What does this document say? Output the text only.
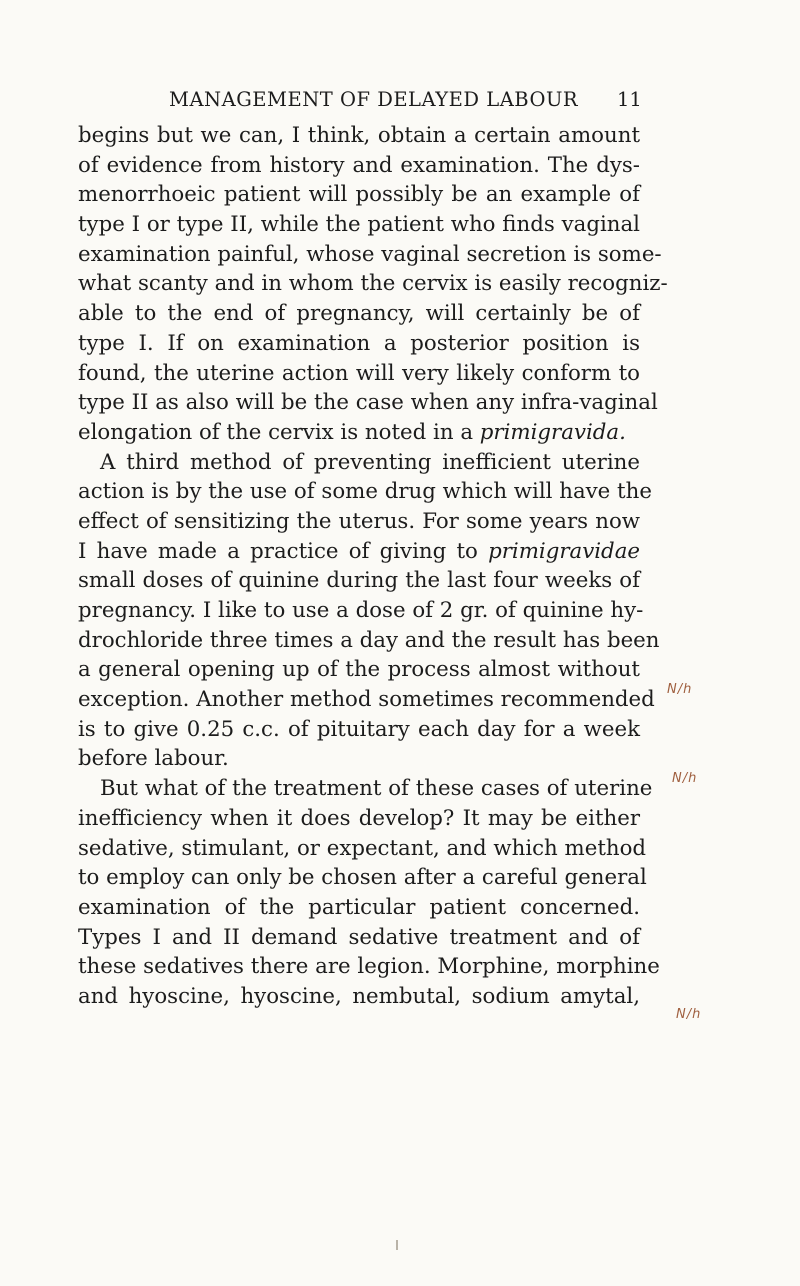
MANAGEMENT OF DELAYED LABOUR 11
begins but we can, I think, obtain a certain amount
of evidence from history and examination. The dys-
menorrhoeic patient will possibly be an example of
type I or type II, while the patient who finds vaginal
examination painful, whose vaginal secretion is some-
what scanty and in whom the cervix is easily recogniz-
able to the end of pregnancy, will certainly be of
type I. If on examination a posterior position is
found, the uterine action will very likely conform to
type II as also will be the case when any infra-vaginal
elongation of the cervix is noted in a primigravida.
A third method of preventing inefficient uterine
action is by the use of some drug which will have the
effect of sensitizing the uterus. For some years now
I have made a practice of giving to primigravidae
small doses of quinine during the last four weeks of
pregnancy. I like to use a dose of 2 gr. of quinine hy-
drochloride three times a day and the result has been
a general opening up of the process almost without
exception. Another method sometimes recommended
is to give 0.25 c.c. of pituitary each day for a week
before labour.
But what of the treatment of these cases of uterine
inefficiency when it does develop? It may be either
sedative, stimulant, or expectant, and which method
to employ can only be chosen after a careful general
examination of the particular patient concerned.
Types I and II demand sedative treatment and of
these sedatives there are legion. Morphine, morphine
and hyoscine, hyoscine, nembutal, sodium amytal,
N/h
N/h
N/h
